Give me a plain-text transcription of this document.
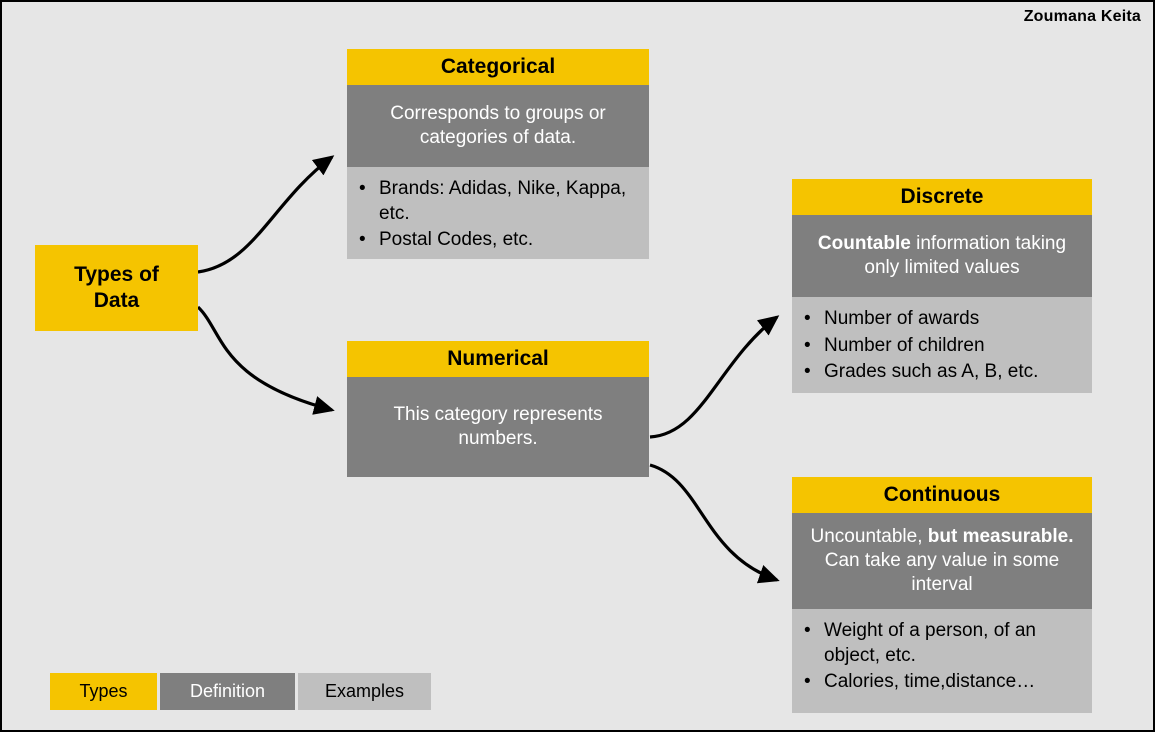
Zoumana Keita
Types of
Data
Categorical
Corresponds to groups or categories of data.
• Brands: Adidas, Nike, Kappa, etc.
• Postal Codes, etc.
Numerical
This category represents numbers.
Discrete
Countable information taking only limited values
• Number of awards
• Number of children
• Grades such as A, B, etc.
Continuous
Uncountable, but measurable. Can take any value in some interval
• Weight of a person, of an object, etc.
• Calories, time,distance…
Types	Definition	Examples
